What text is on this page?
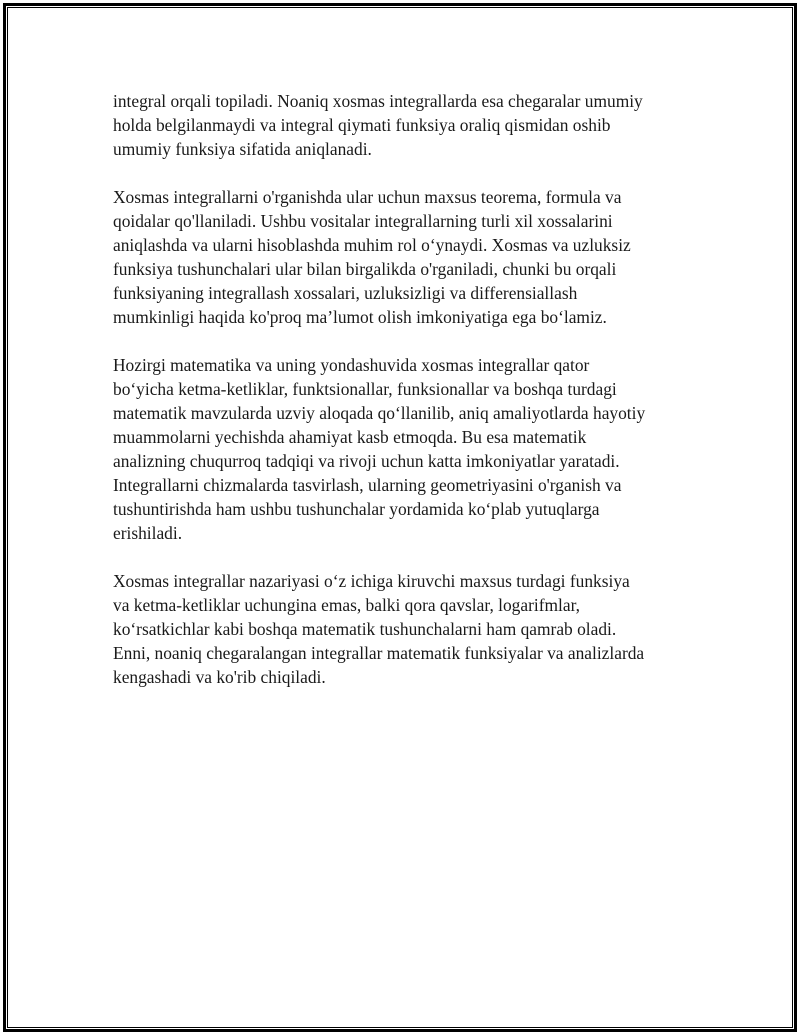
integral orqali topiladi. Noaniq xosmas integrallarda esa chegaralar umumiy
holda belgilanmaydi va integral qiymati funksiya oraliq qismidan oshib
umumiy funksiya sifatida aniqlanadi.

Xosmas integrallarni o'rganishda ular uchun maxsus teorema, formula va
qoidalar qo'llaniladi. Ushbu vositalar integrallarning turli xil xossalarini
aniqlashda va ularni hisoblashda muhim rol o‘ynaydi. Xosmas va uzluksiz
funksiya tushunchalari ular bilan birgalikda o'rganiladi, chunki bu orqali
funksiyaning integrallash xossalari, uzluksizligi va differensiallash
mumkinligi haqida ko'proq ma’lumot olish imkoniyatiga ega bo‘lamiz.

Hozirgi matematika va uning yondashuvida xosmas integrallar qator
bo‘yicha ketma-ketliklar, funktsionallar, funksionallar va boshqa turdagi
matematik mavzularda uzviy aloqada qo‘llanilib, aniq amaliyotlarda hayotiy
muammolarni yechishda ahamiyat kasb etmoqda. Bu esa matematik
analizning chuqurroq tadqiqi va rivoji uchun katta imkoniyatlar yaratadi.
Integrallarni chizmalarda tasvirlash, ularning geometriyasini o'rganish va
tushuntirishda ham ushbu tushunchalar yordamida ko‘plab yutuqlarga
erishiladi.

Xosmas integrallar nazariyasi o‘z ichiga kiruvchi maxsus turdagi funksiya
va ketma-ketliklar uchungina emas, balki qora qavslar, logarifmlar,
ko‘rsatkichlar kabi boshqa matematik tushunchalarni ham qamrab oladi.
Enni, noaniq chegaralangan integrallar matematik funksiyalar va analizlarda
kengashadi va ko'rib chiqiladi.
